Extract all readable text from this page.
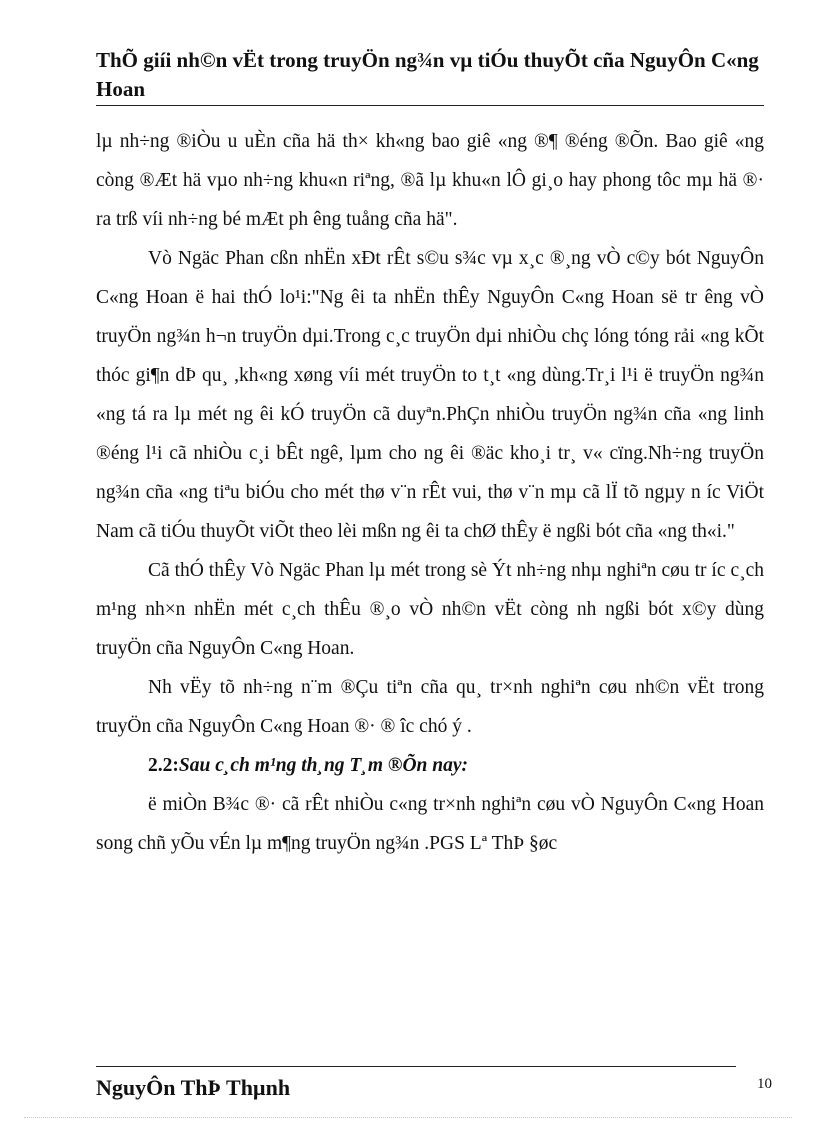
ThÕ giíi nh©n vËt trong truyÖn ng¾n vµ tiÓu thuyÕt cña NguyÔn C«ng Hoan

lµ nh÷ng ®iÒu u uÈn cña hä th× kh«ng bao giê «ng ®¶ ®éng ®Õn. Bao giê «ng còng ®Æt hä vµo nh÷ng khu«n riªng, ®ã lµ khu«n lÔ gi¸o hay phong tôc mµ hä ®· ra trß víi nh÷ng bé mÆt ph êng tuång cña hä".

Vò Ngäc Phan cßn nhËn xÐt rÊt s©u s¾c vµ x¸c ®¸ng vÒ c©y bót NguyÔn C«ng Hoan ë hai thÓ lo¹i:"Ng êi ta nhËn thÊy NguyÔn C«ng Hoan së tr êng vÒ truyÖn ng¾n h¬n truyÖn dµi.Trong c¸c truyÖn dµi nhiÒu chç lóng tóng rải «ng kÕt thóc gi¶n dÞ qu¸ ,kh«ng xøng víi mét truyÖn to t¸t «ng dùng.Tr¸i l¹i ë truyÖn ng¾n «ng tá ra lµ mét ng êi kÓ truyÖn cã duyªn.PhÇn nhiÒu truyÖn ng¾n cña «ng linh ®éng l¹i cã nhiÒu c¸i bÊt ngê, lµm cho ng êi ®äc kho¸i tr¸ v« cïng.Nh÷ng truyÖn ng¾n cña «ng tiªu biÓu cho mét thø v¨n rÊt vui, thø v¨n mµ cã lÏ tõ ngµy n íc ViÖt Nam cã tiÓu thuyÕt viÕt theo lèi mßn ng êi ta chØ thÊy ë ngßi bót cña «ng th«i."

Cã thÓ thÊy Vò Ngäc Phan lµ mét trong sè Ýt nh÷ng nhµ nghiªn cøu tr íc c¸ch m¹ng nh×n nhËn mét c¸ch thÊu ®¸o vÒ nh©n vËt còng nh ngßi bót x©y dùng truyÖn cña NguyÔn C«ng Hoan.

Nh vËy tõ nh÷ng n¨m ®Çu tiªn cña qu¸ tr×nh nghiªn cøu nh©n vËt trong truyÖn cña NguyÔn C«ng Hoan ®· ® îc chó ý .

2.2:Sau c¸ch m¹ng th¸ng T¸m ®Õn nay:

ë miÒn B¾c ®· cã rÊt nhiÒu c«ng tr×nh nghiªn cøu vÒ NguyÔn C«ng Hoan song chñ yÕu vÉn lµ m¶ng truyÖn ng¾n .PGS Lª ThÞ §øc

NguyÔn ThÞ Thµnh	10
